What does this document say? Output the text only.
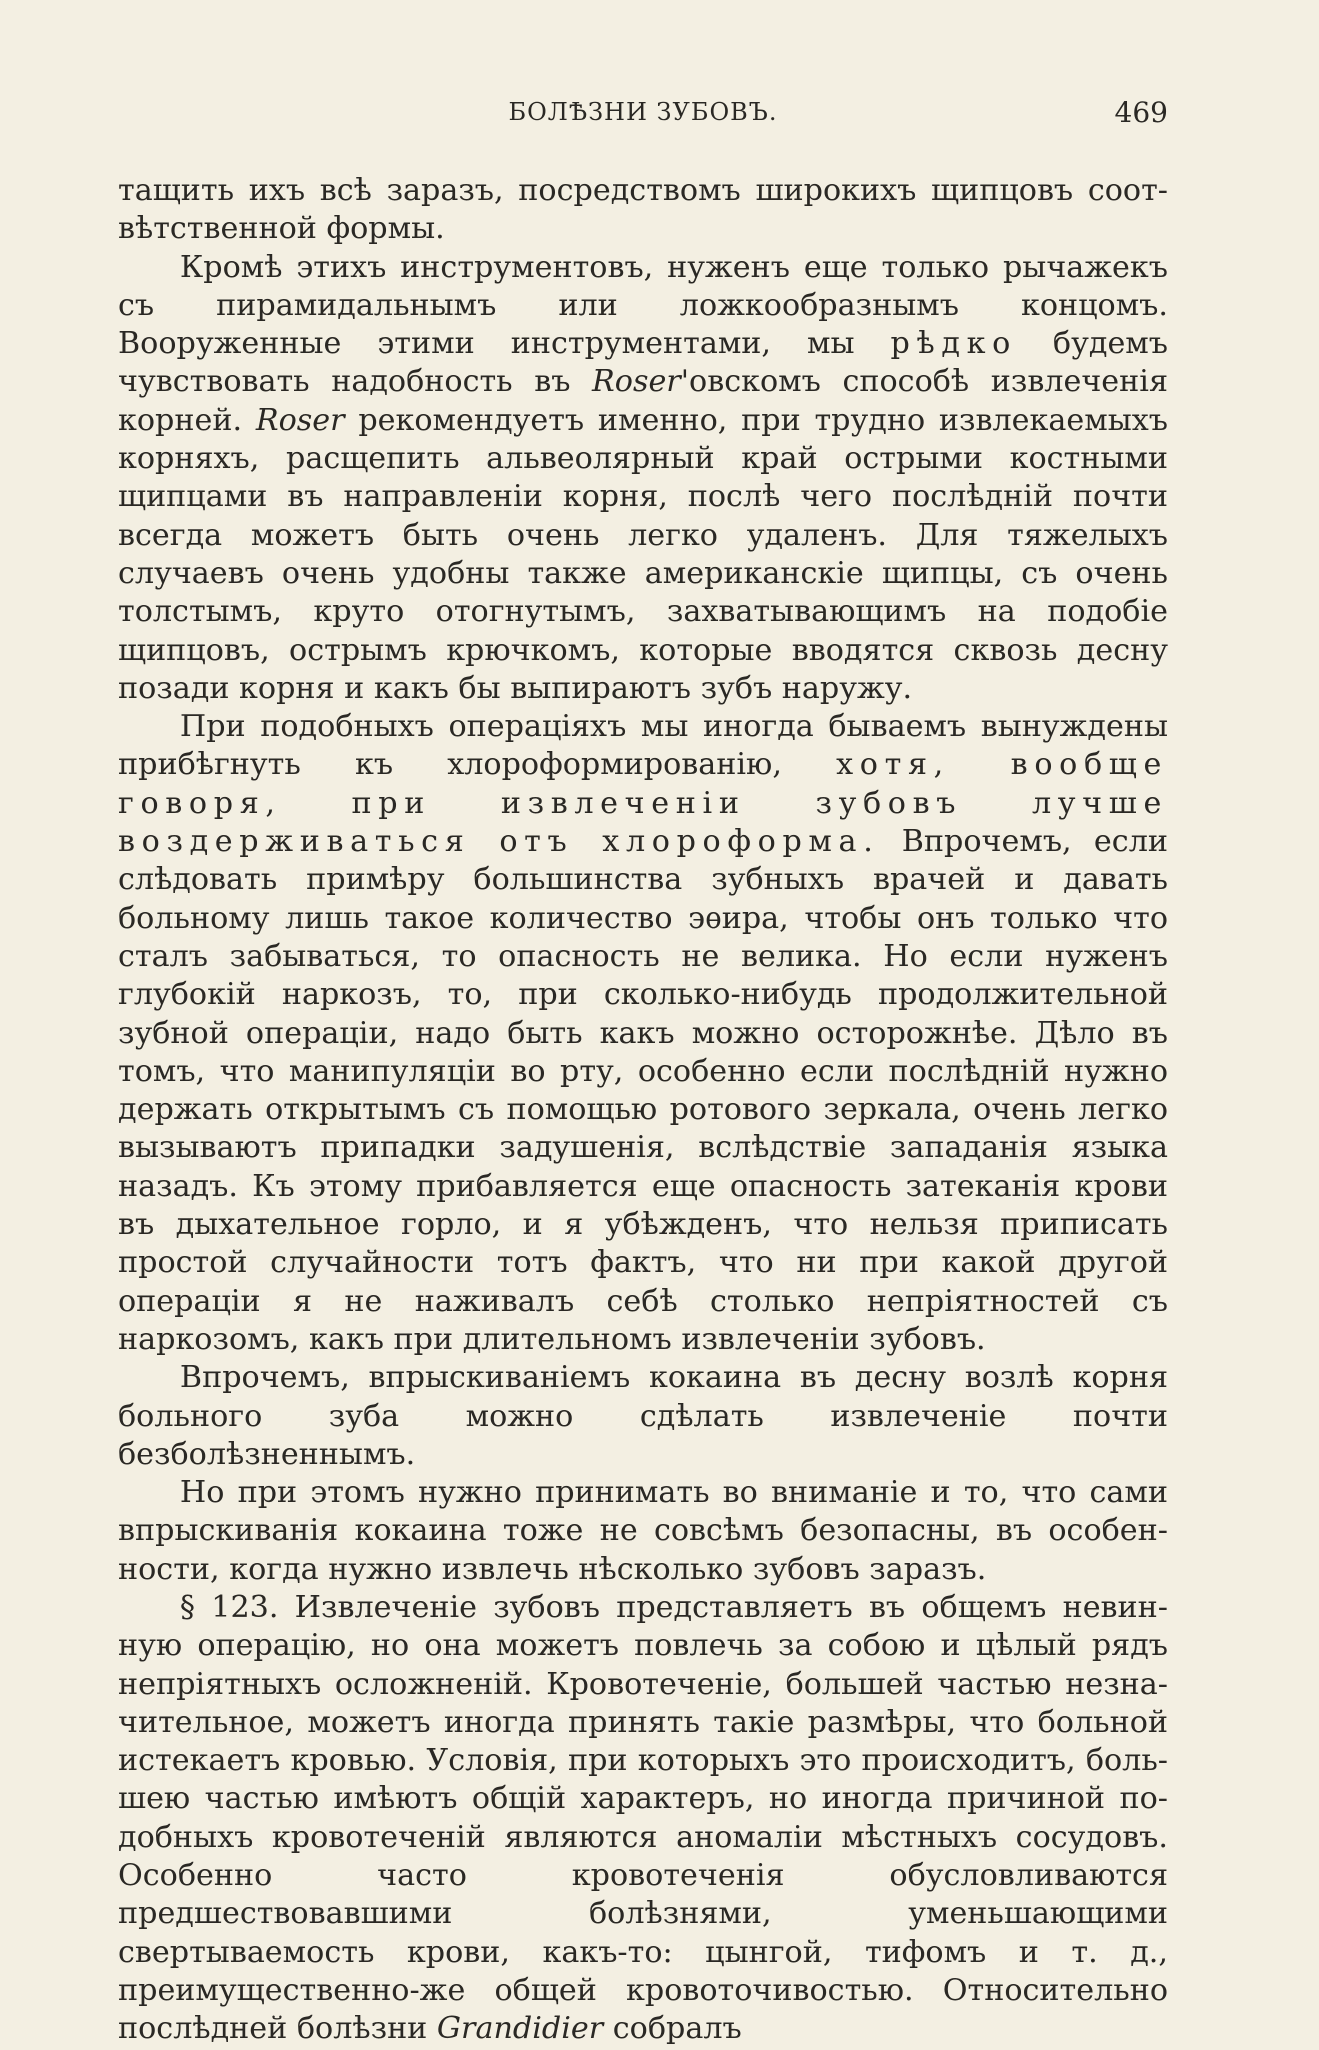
БОЛѢЗНИ ЗУБОВЪ.	469

тащить ихъ всѣ заразъ, посредствомъ широкихъ щипцовъ соотвѣтственной формы.

Кромѣ этихъ инструментовъ, нуженъ еще только рычажекъ съ пирамидальнымъ или ложкообразнымъ концомъ. Вооруженные этими инструментами, мы рѣдко будемъ чувствовать надобность въ Roser'овскомъ способѣ извлеченія корней. Roser рекомендуетъ именно, при трудно извлекаемыхъ корняхъ, расщепить альвеолярный край острыми костными щипцами въ направленіи корня, послѣ чего послѣдній почти всегда можетъ быть очень легко удаленъ. Для тяжелыхъ случаевъ очень удобны также американскіе щипцы, съ очень толстымъ, круто отогнутымъ, захватывающимъ на подобіе щипцовъ, острымъ крючкомъ, которые вводятся сквозь десну позади корня и какъ бы выпираютъ зубъ наружу.

При подобныхъ операціяхъ мы иногда бываемъ вынуждены прибѣгнуть къ хлороформированію, хотя, вообще говоря, при извлеченіи зубовъ лучше воздерживаться отъ хлороформа. Впрочемъ, если слѣдовать примѣру большинства зубныхъ врачей и давать больному лишь такое количество эѳира, чтобы онъ только что сталъ забываться, то опасность не велика. Но если нуженъ глубокій наркозъ, то, при сколько-нибудь продолжительной зубной операціи, надо быть какъ можно осторожнѣе. Дѣло въ томъ, что манипуляціи во рту, особенно если послѣдній нужно держать открытымъ съ помощью ротового зеркала, очень легко вызываютъ припадки задушенія, вслѣдствіе западанія языка назадъ. Къ этому прибавляется еще опасность затеканія крови въ дыхательное горло, и я убѣжденъ, что нельзя приписать простой случайности тотъ фактъ, что ни при какой другой операціи я не наживалъ себѣ столько непріятностей съ наркозомъ, какъ при длительномъ извлеченіи зубовъ.

Впрочемъ, впрыскиваніемъ кокаина въ десну возлѣ корня больного зуба можно сдѣлать извлеченіе почти безболѣзненнымъ.

Но при этомъ нужно принимать во вниманіе и то, что сами впрыскиванія кокаина тоже не совсѣмъ безопасны, въ особенности, когда нужно извлечь нѣсколько зубовъ заразъ.

§ 123. Извлеченіе зубовъ представляетъ въ общемъ невинную операцію, но она можетъ повлечь за собою и цѣлый рядъ непріятныхъ осложненій. Кровотеченіе, большей частью незначительное, можетъ иногда принять такіе размѣры, что больной истекаетъ кровью. Условія, при которыхъ это происходитъ, большею частью имѣютъ общій характеръ, но иногда причиной подобныхъ кровотеченій являются аномаліи мѣстныхъ сосудовъ. Особенно часто кровотеченія обусловливаются предшествовавшими болѣзнями, уменьшающими свертываемость крови, какъ-то: цынгой, тифомъ и т. д., преимущественно-же общей кровоточивостью. Относительно послѣдней болѣзни Grandidier собралъ
